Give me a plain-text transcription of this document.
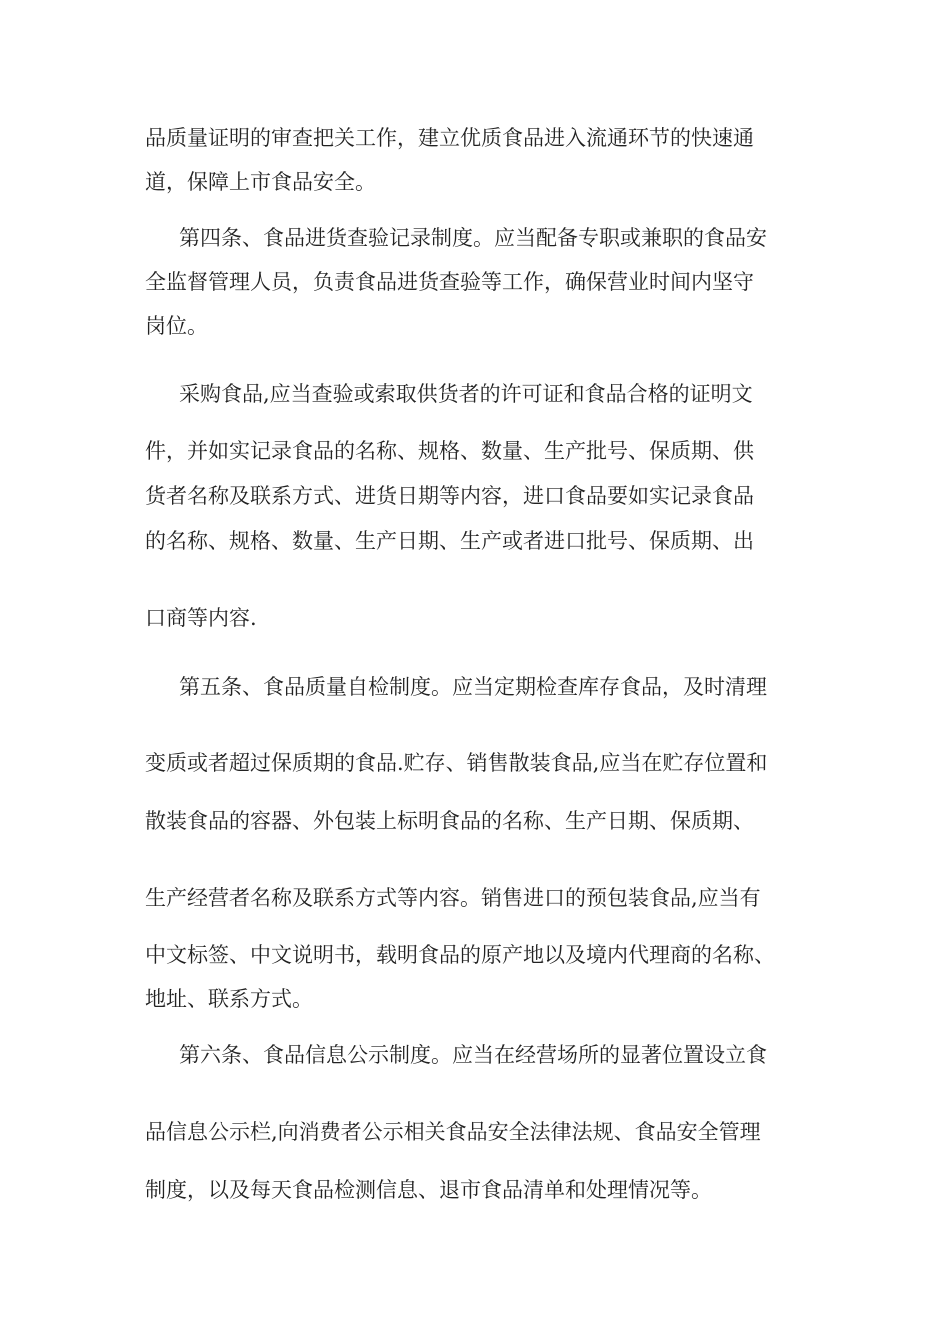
品质量证明的审查把关工作，建立优质食品进入流通环节的快速通
道，保障上市食品安全。
第四条、食品进货查验记录制度。应当配备专职或兼职的食品安
全监督管理人员，负责食品进货查验等工作，确保营业时间内坚守
岗位。
采购食品,应当查验或索取供货者的许可证和食品合格的证明文
件，并如实记录食品的名称、规格、数量、生产批号、保质期、供
货者名称及联系方式、进货日期等内容，进口食品要如实记录食品
的名称、规格、数量、生产日期、生产或者进口批号、保质期、出
口商等内容.
第五条、食品质量自检制度。应当定期检查库存食品，及时清理
变质或者超过保质期的食品.贮存、销售散装食品,应当在贮存位置和
散装食品的容器、外包装上标明食品的名称、生产日期、保质期、
生产经营者名称及联系方式等内容。销售进口的预包装食品,应当有
中文标签、中文说明书，载明食品的原产地以及境内代理商的名称、
地址、联系方式。
第六条、食品信息公示制度。应当在经营场所的显著位置设立食
品信息公示栏,向消费者公示相关食品安全法律法规、食品安全管理
制度，以及每天食品检测信息、退市食品清单和处理情况等。
